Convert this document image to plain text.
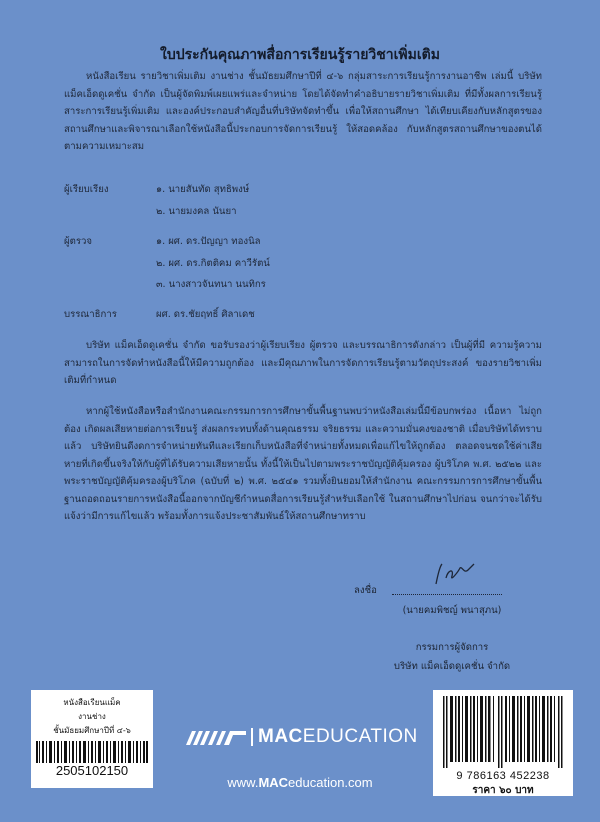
ใบประกันคุณภาพสื่อการเรียนรู้รายวิชาเพิ่มเติม
หนังสือเรียน รายวิชาเพิ่มเติม งานช่าง ชั้นมัธยมศึกษาปีที่ ๔-๖ กลุ่มสาระการเรียนรู้การงานอาชีพ เล่มนี้ บริษัท แม็คเอ็ดดูเคชั่น จำกัด เป็นผู้จัดพิมพ์เผยแพร่และจำหน่าย โดยได้จัดทำคำอธิบายรายวิชาเพิ่มเติม ที่มีทั้งผลการเรียนรู้ สาระการเรียนรู้เพิ่มเติม และองค์ประกอบสำคัญอื่นที่บริษัทจัดทำขึ้น เพื่อให้สถานศึกษา ได้เทียบเคียงกับหลักสูตรของสถานศึกษาและพิจารณาเลือกใช้หนังสือนี้ประกอบการจัดการเรียนรู้ ให้สอดคล้อง กับหลักสูตรสถานศึกษาของตนได้ตามความเหมาะสม
ผู้เรียบเรียง	๑. นายสันทัด สุทธิพงษ์
๒. นายมงคล นันยา
ผู้ตรวจ	๑. ผศ. ดร.ปัญญา ทองนิล
๒. ผศ. ดร.กิตติคม คาวีรัตน์
๓. นางสาวจันทนา นนทิกร
บรรณาธิการ	ผศ. ดร.ชัยฤทธิ์ ศิลาเดช
บริษัท แม็คเอ็ดดูเคชั่น จำกัด ขอรับรองว่าผู้เรียบเรียง ผู้ตรวจ และบรรณาธิการดังกล่าว เป็นผู้ที่มี ความรู้ความสามารถในการจัดทำหนังสือนี้ให้มีความถูกต้อง และมีคุณภาพในการจัดการเรียนรู้ตามวัตถุประสงค์ ของรายวิชาเพิ่มเติมที่กำหนด
หากผู้ใช้หนังสือหรือสำนักงานคณะกรรมการการศึกษาขั้นพื้นฐานพบว่าหนังสือเล่มนี้มีข้อบกพร่อง เนื้อหา ไม่ถูกต้อง เกิดผลเสียหายต่อการเรียนรู้ ส่งผลกระทบทั้งด้านคุณธรรม จริยธรรม และความมั่นคงของชาติ เมื่อบริษัทได้ทราบแล้ว บริษัทยินดีงดการจำหน่ายทันทีและเรียกเก็บหนังสือที่จำหน่ายทั้งหมดเพื่อแก้ไขให้ถูกต้อง ตลอดจนชดใช้ค่าเสียหายที่เกิดขึ้นจริงให้กับผู้ที่ได้รับความเสียหายนั้น ทั้งนี้ให้เป็นไปตามพระราชบัญญัติคุ้มครอง ผู้บริโภค พ.ศ. ๒๕๒๒ และพระราชบัญญัติคุ้มครองผู้บริโภค (ฉบับที่ ๒) พ.ศ. ๒๕๔๑ รวมทั้งยินยอมให้สำนักงาน คณะกรรมการการศึกษาขั้นพื้นฐานถอดถอนรายการหนังสือนี้ออกจากบัญชีกำหนดสื่อการเรียนรู้สำหรับเลือกใช้ ในสถานศึกษาไปก่อน จนกว่าจะได้รับแจ้งว่ามีการแก้ไขแล้ว พร้อมทั้งการแจ้งประชาสัมพันธ์ให้สถานศึกษาทราบ
ลงชื่อ
(นายคมพิชญ์ พนาสุภน)
กรรมการผู้จัดการ
บริษัท แม็คเอ็ดดูเคชั่น จำกัด
หนังสือเรียนแม็ค
งานช่าง
ชั้นมัธยมศึกษาปีที่ ๔-๖
2505102150
MACEDUCATION
www.MACeducation.com	9 786163 452238
ราคา ๖๐ บาท
